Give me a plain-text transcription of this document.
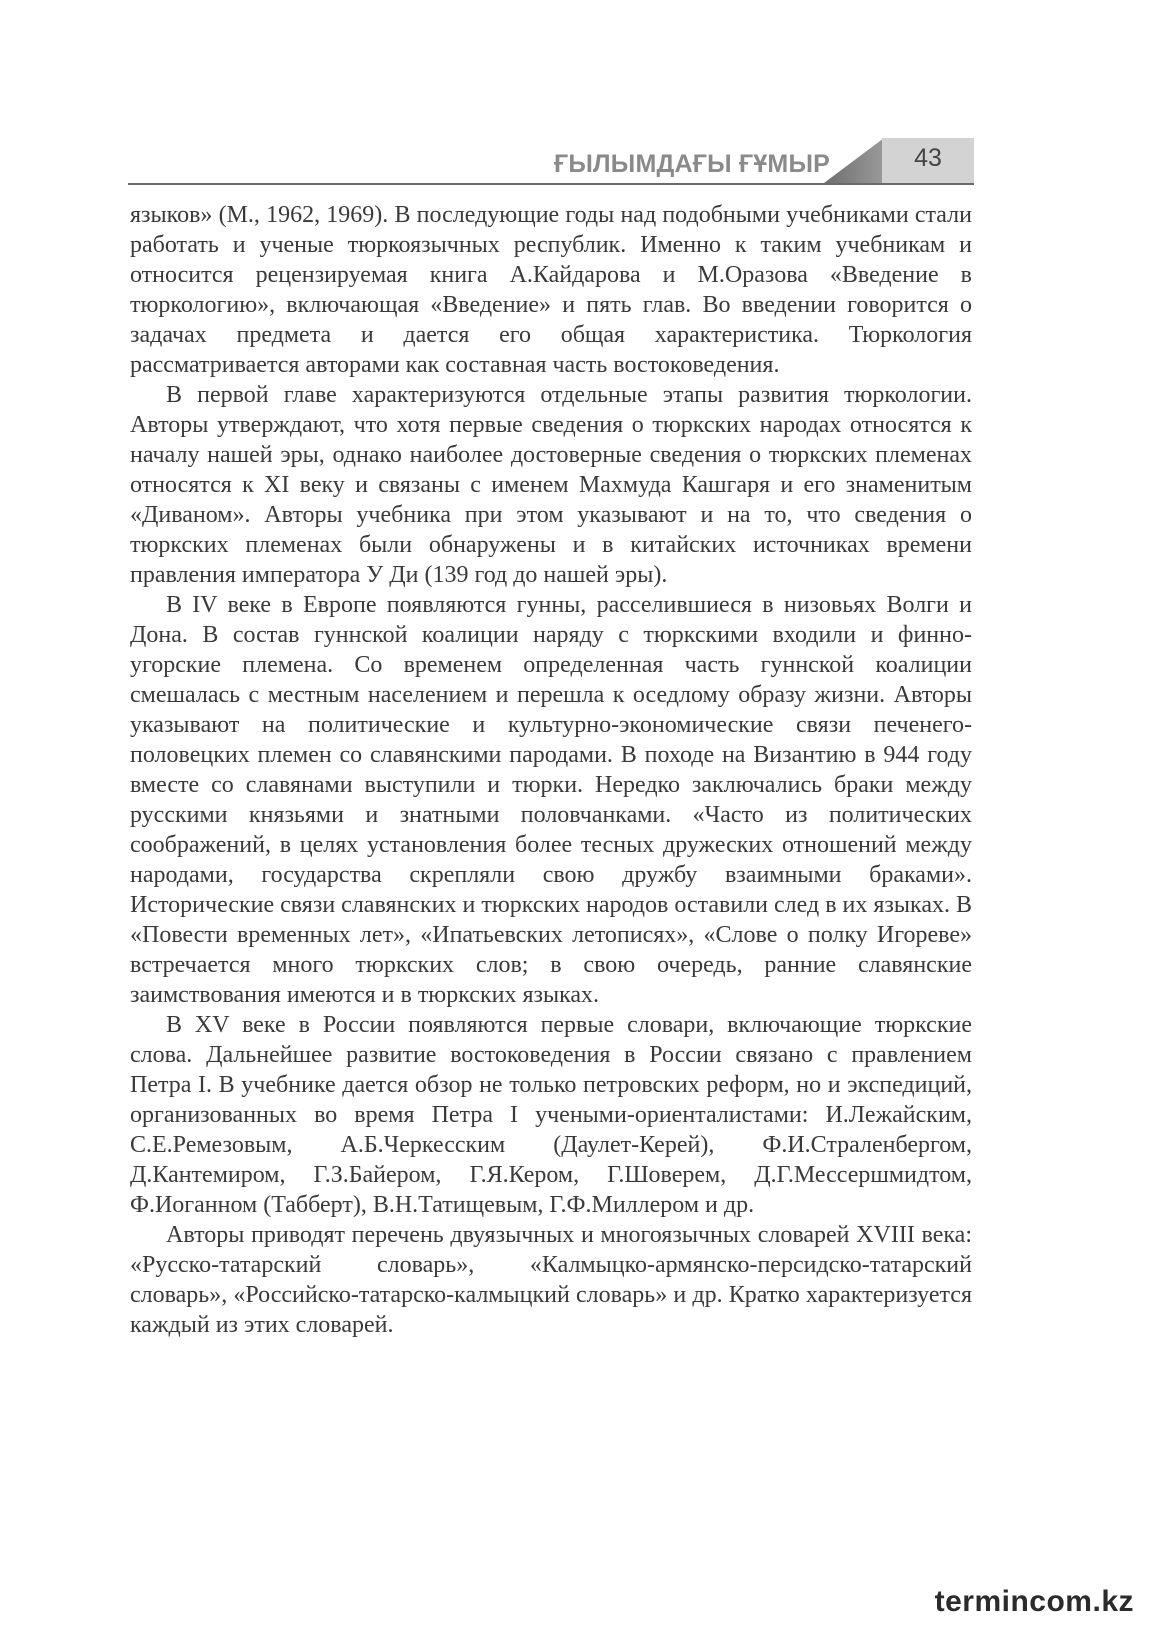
ҒЫЛЫМДАҒЫ ҒҰМЫР	43

языков» (М., 1962, 1969). В последующие годы над подобными учебниками стали работать и ученые тюркоязычных республик. Именно к таким учебникам и относится рецензируемая книга А.Кайдарова и М.Оразова «Введение в тюркологию», включающая «Введение» и пять глав. Во введении говорится о задачах предмета и дается его общая характеристика. Тюркология рассматривается авторами как составная часть востоковедения.

В первой главе характеризуются отдельные этапы развития тюркологии. Авторы утверждают, что хотя первые сведения о тюркских народах относятся к началу нашей эры, однако наиболее достоверные сведения о тюркских племенах относятся к XI веку и связаны с именем Махмуда Кашгаря и его знаменитым «Диваном». Авторы учебника при этом указывают и на то, что сведения о тюркских племенах были обнаружены и в китайских источниках времени правления императора У Ди (139 год до нашей эры).

В IV веке в Европе появляются гунны, расселившиеся в низовьях Волги и Дона. В состав гуннской коалиции наряду с тюркскими входили и финно-угорские племена. Со временем определенная часть гуннской коалиции смешалась с местным населением и перешла к оседлому образу жизни. Авторы указывают на политические и культурно-экономические связи печенего-половецких племен со славянскими пародами. В походе на Византию в 944 году вместе со славянами выступили и тюрки. Нередко заключались браки между русскими князьями и знатными половчанками. «Часто из политических соображений, в целях установления более тесных дружеских отношений между народами, государства скрепляли свою дружбу взаимными браками». Исторические связи славянских и тюркских народов оставили след в их языках. В «Повести временных лет», «Ипатьевских летописях», «Слове о полку Игореве» встречается много тюркских слов; в свою очередь, ранние славянские заимствования имеются и в тюркских языках.

В XV веке в России появляются первые словари, включающие тюркские слова. Дальнейшее развитие востоковедения в России связано с правлением Петра I. В учебнике дается обзор не только петровских реформ, но и экспедиций, организованных во время Петра I учеными-ориенталистами: И.Лежайским, С.Е.Ремезовым, А.Б.Черкесским (Даулет-Керей), Ф.И.Страленбергом, Д.Кантемиром, Г.З.Байером, Г.Я.Кером, Г.Шоверем, Д.Г.Мессершмидтом, Ф.Иоганном (Табберт), В.Н.Татищевым, Г.Ф.Миллером и др.

Авторы приводят перечень двуязычных и многоязычных словарей XVIII века: «Русско-татарский словарь», «Калмыцко-армянско-персидско-татарский словарь», «Российско-татарско-калмыцкий словарь» и др. Кратко характеризуется каждый из этих словарей.

termincom.kz
